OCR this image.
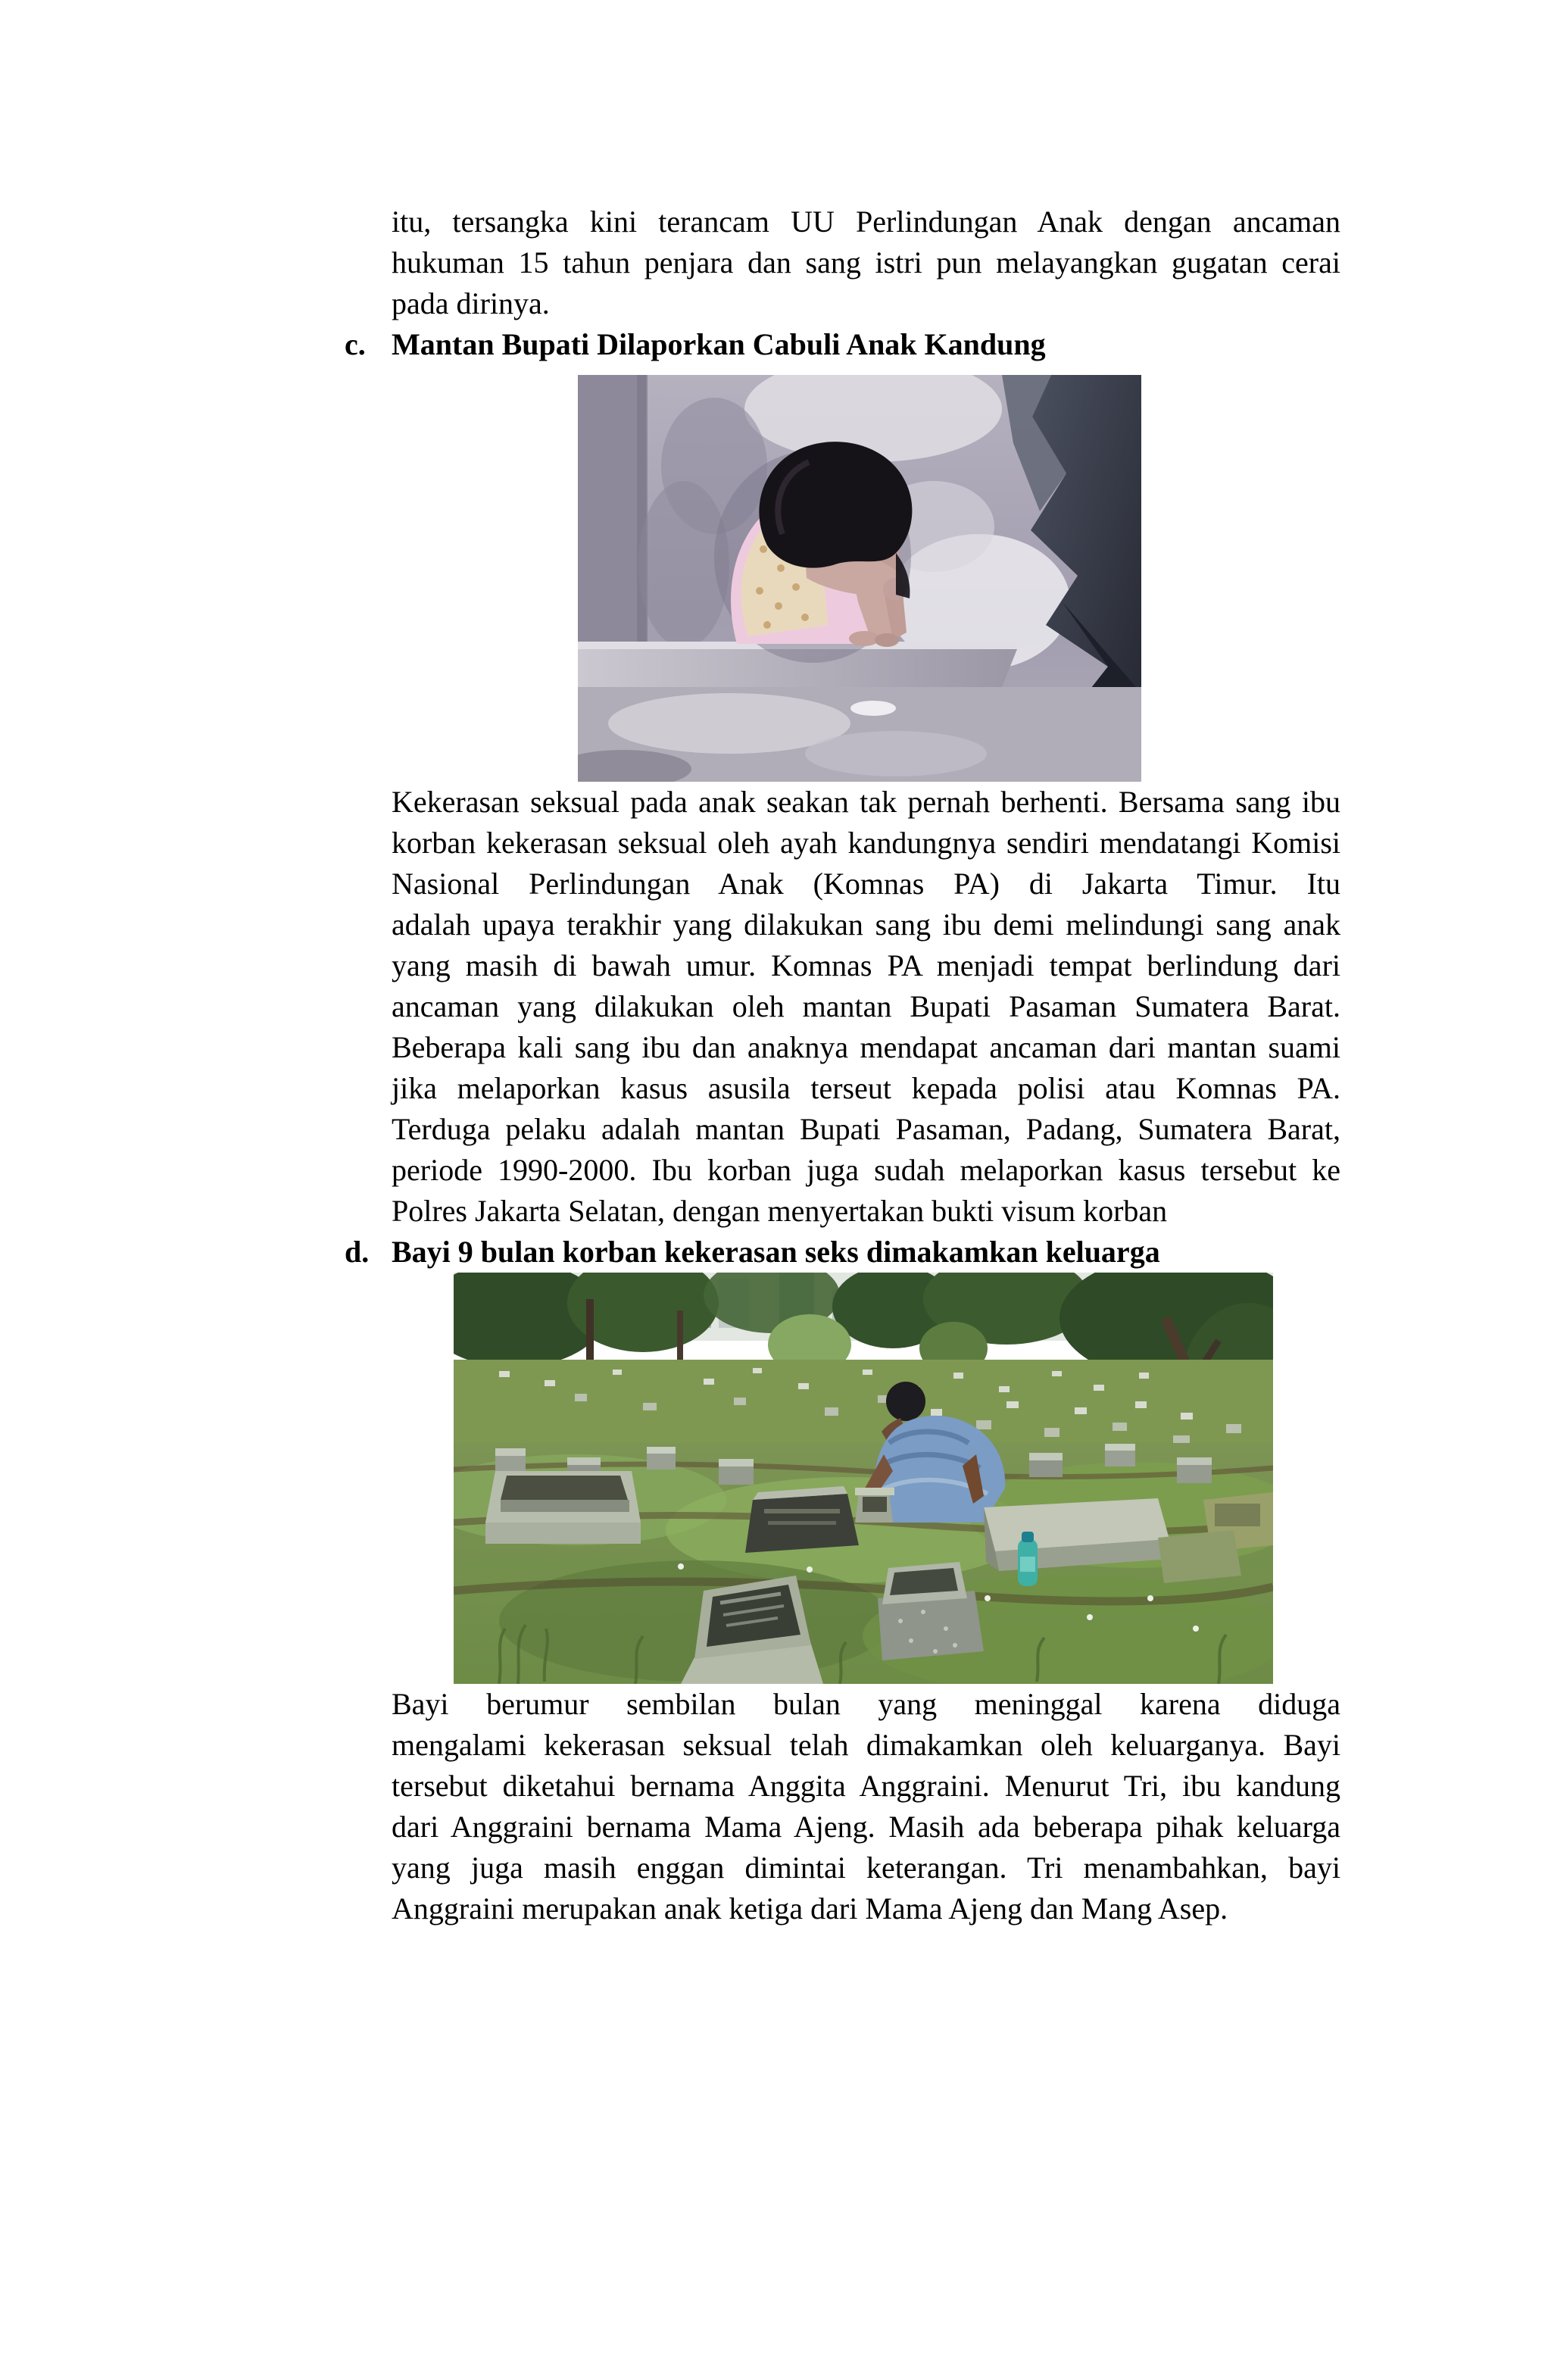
itu, tersangka kini terancam UU Perlindungan Anak dengan ancaman
hukuman 15 tahun penjara dan sang istri pun melayangkan gugatan cerai
pada dirinya.
c. Mantan Bupati Dilaporkan Cabuli Anak Kandung
Kekerasan seksual pada anak seakan tak pernah berhenti. Bersama sang ibu
korban kekerasan seksual oleh ayah kandungnya sendiri mendatangi Komisi
Nasional Perlindungan Anak (Komnas PA) di Jakarta Timur. Itu
adalah upaya terakhir yang dilakukan sang ibu demi melindungi sang anak
yang masih di bawah umur. Komnas PA menjadi tempat berlindung dari
ancaman yang dilakukan oleh mantan Bupati Pasaman Sumatera Barat.
Beberapa kali sang ibu dan anaknya mendapat ancaman dari mantan suami
jika melaporkan kasus asusila terseut kepada polisi atau Komnas PA.
Terduga pelaku adalah mantan Bupati Pasaman, Padang, Sumatera Barat,
periode 1990-2000. Ibu korban juga sudah melaporkan kasus tersebut ke
Polres Jakarta Selatan, dengan menyertakan bukti visum korban
d. Bayi 9 bulan korban kekerasan seks dimakamkan keluarga
Bayi berumur sembilan bulan yang meninggal karena diduga
mengalami kekerasan seksual telah dimakamkan oleh keluarganya. Bayi
tersebut diketahui bernama Anggita Anggraini. Menurut Tri, ibu kandung
dari Anggraini bernama Mama Ajeng. Masih ada beberapa pihak keluarga
yang juga masih enggan dimintai keterangan. Tri menambahkan, bayi
Anggraini merupakan anak ketiga dari Mama Ajeng dan Mang Asep.
